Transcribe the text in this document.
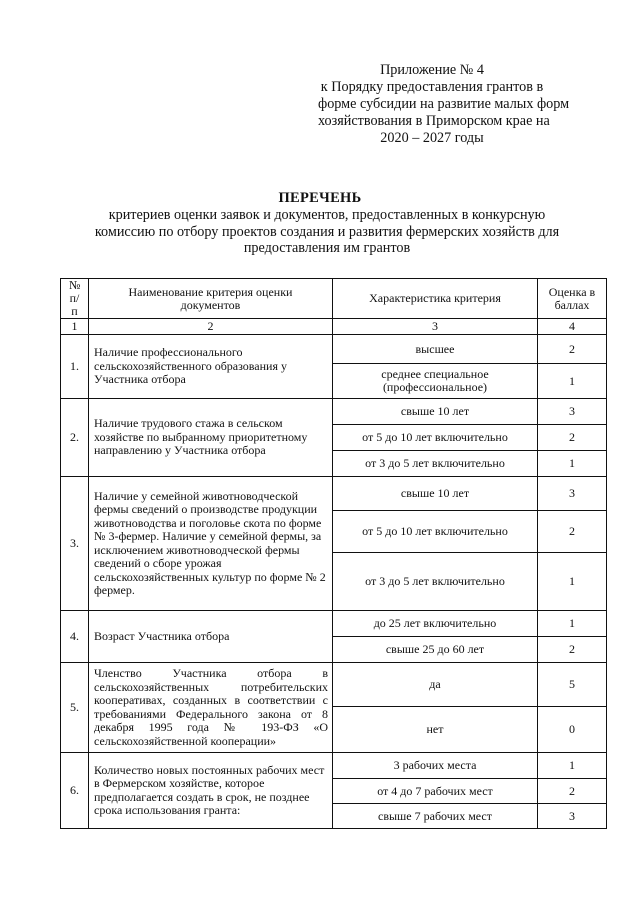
Приложение № 4
к Порядку предоставления грантов в
форме субсидии на развитие малых форм
хозяйствования в Приморском крае на
2020 – 2027 годы
ПЕРЕЧЕНЬ
критериев оценки заявок и документов, предоставленных в конкурсную
комиссию по отбору проектов создания и развития фермерских хозяйств для
предоставления им грантов
№ п/п	Наименование критерия оценки документов	Характеристика критерия	Оценка в баллах
1	2	3	4
1.	Наличие профессионального сельскохозяйственного образования у Участника отбора	высшее	2
		среднее специальное (профессиональное)	1
2.	Наличие трудового стажа в сельском хозяйстве по выбранному приоритетному направлению у Участника отбора	свыше 10 лет	3
		от 5 до 10 лет включительно	2
		от 3 до 5 лет включительно	1
3.	Наличие у семейной животноводческой фермы сведений о производстве продукции животноводства и поголовье скота по форме № 3-фермер. Наличие у семейной фермы, за исключением животноводческой фермы сведений о сборе урожая сельскохозяйственных культур по форме № 2 фермер.	свыше 10 лет	3
		от 5 до 10 лет включительно	2
		от 3 до 5 лет включительно	1
4.	Возраст Участника отбора	до 25 лет включительно	1
		свыше 25 до 60 лет	2
5.	Членство Участника отбора в сельскохозяйственных потребительских кооперативах, созданных в соответствии с требованиями Федерального закона от 8 декабря 1995 года № 193-ФЗ «О сельскохозяйственной кооперации»	да	5
		нет	0
6.	Количество новых постоянных рабочих мест в Фермерском хозяйстве, которое предполагается создать в срок, не позднее срока использования гранта:	3 рабочих места	1
		от 4 до 7 рабочих мест	2
		свыше 7 рабочих мест	3
